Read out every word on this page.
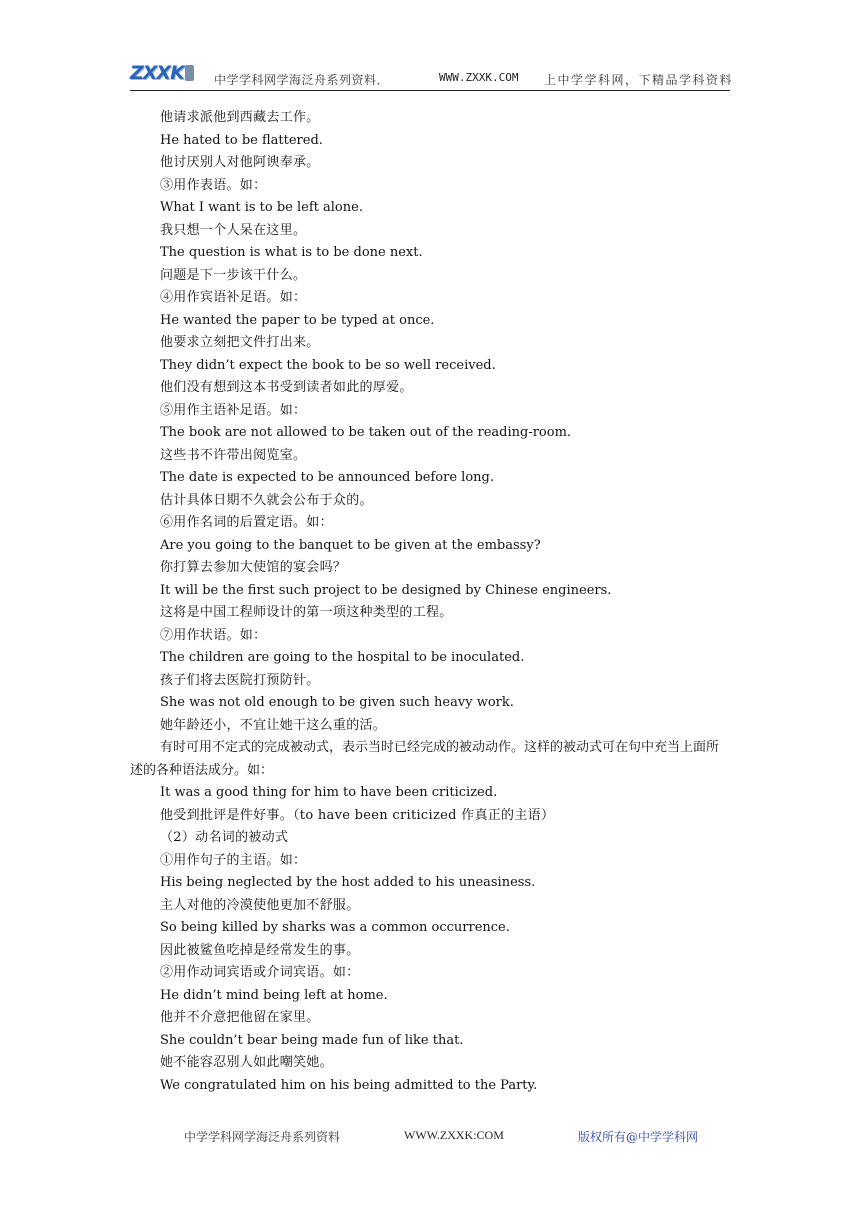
ZXXK	中学学科网学海泛舟系列资料．	WWW.ZXXK.COM 上中学学科网，下精品学科资料
他请求派他到西藏去工作。
He hated to be flattered.
他讨厌别人对他阿谀奉承。
③用作表语。如：
What I want is to be left alone.
我只想一个人呆在这里。
The question is what is to be done next.
问题是下一步该干什么。
④用作宾语补足语。如：
He wanted the paper to be typed at once.
他要求立刻把文件打出来。
They didn’t expect the book to be so well received.
他们没有想到这本书受到读者如此的厚爱。
⑤用作主语补足语。如：
The book are not allowed to be taken out of the reading-room.
这些书不许带出阅览室。
The date is expected to be announced before long.
估计具体日期不久就会公布于众的。
⑥用作名词的后置定语。如：
Are you going to the banquet to be given at the embassy?
你打算去参加大使馆的宴会吗？
It will be the first such project to be designed by Chinese engineers.
这将是中国工程师设计的第一项这种类型的工程。
⑦用作状语。如：
The children are going to the hospital to be inoculated.
孩子们将去医院打预防针。
She was not old enough to be given such heavy work.
她年龄还小，不宜让她干这么重的活。
有时可用不定式的完成被动式，表示当时已经完成的被动动作。这样的被动式可在句中充当上面所述的各种语法成分。如：
It was a good thing for him to have been criticized.
他受到批评是件好事。（to have been criticized 作真正的主语）
（2）动名词的被动式
①用作句子的主语。如：
His being neglected by the host added to his uneasiness.
主人对他的冷漠使他更加不舒服。
So being killed by sharks was a common occurrence.
因此被鲨鱼吃掉是经常发生的事。
②用作动词宾语或介词宾语。如：
He didn’t mind being left at home.
他并不介意把他留在家里。
She couldn’t bear being made fun of like that.
她不能容忍别人如此嘲笑她。
We congratulated him on his being admitted to the Party.
中学学科网学海泛舟系列资料	WWW.ZXXK:COM	版权所有@中学学科网
